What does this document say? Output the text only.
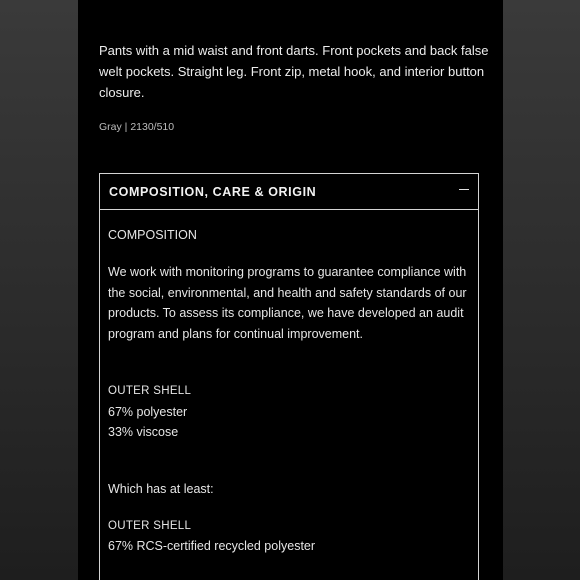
Pants with a mid waist and front darts. Front pockets and back false welt pockets. Straight leg. Front zip, metal hook, and interior button closure.

Gray | 2130/510

COMPOSITION, CARE & ORIGIN

COMPOSITION

We work with monitoring programs to guarantee compliance with the social, environmental, and health and safety standards of our products. To assess its compliance, we have developed an audit program and plans for continual improvement.

OUTER SHELL

67% polyester

33% viscose

Which has at least:

OUTER SHELL

67% RCS-certified recycled polyester
